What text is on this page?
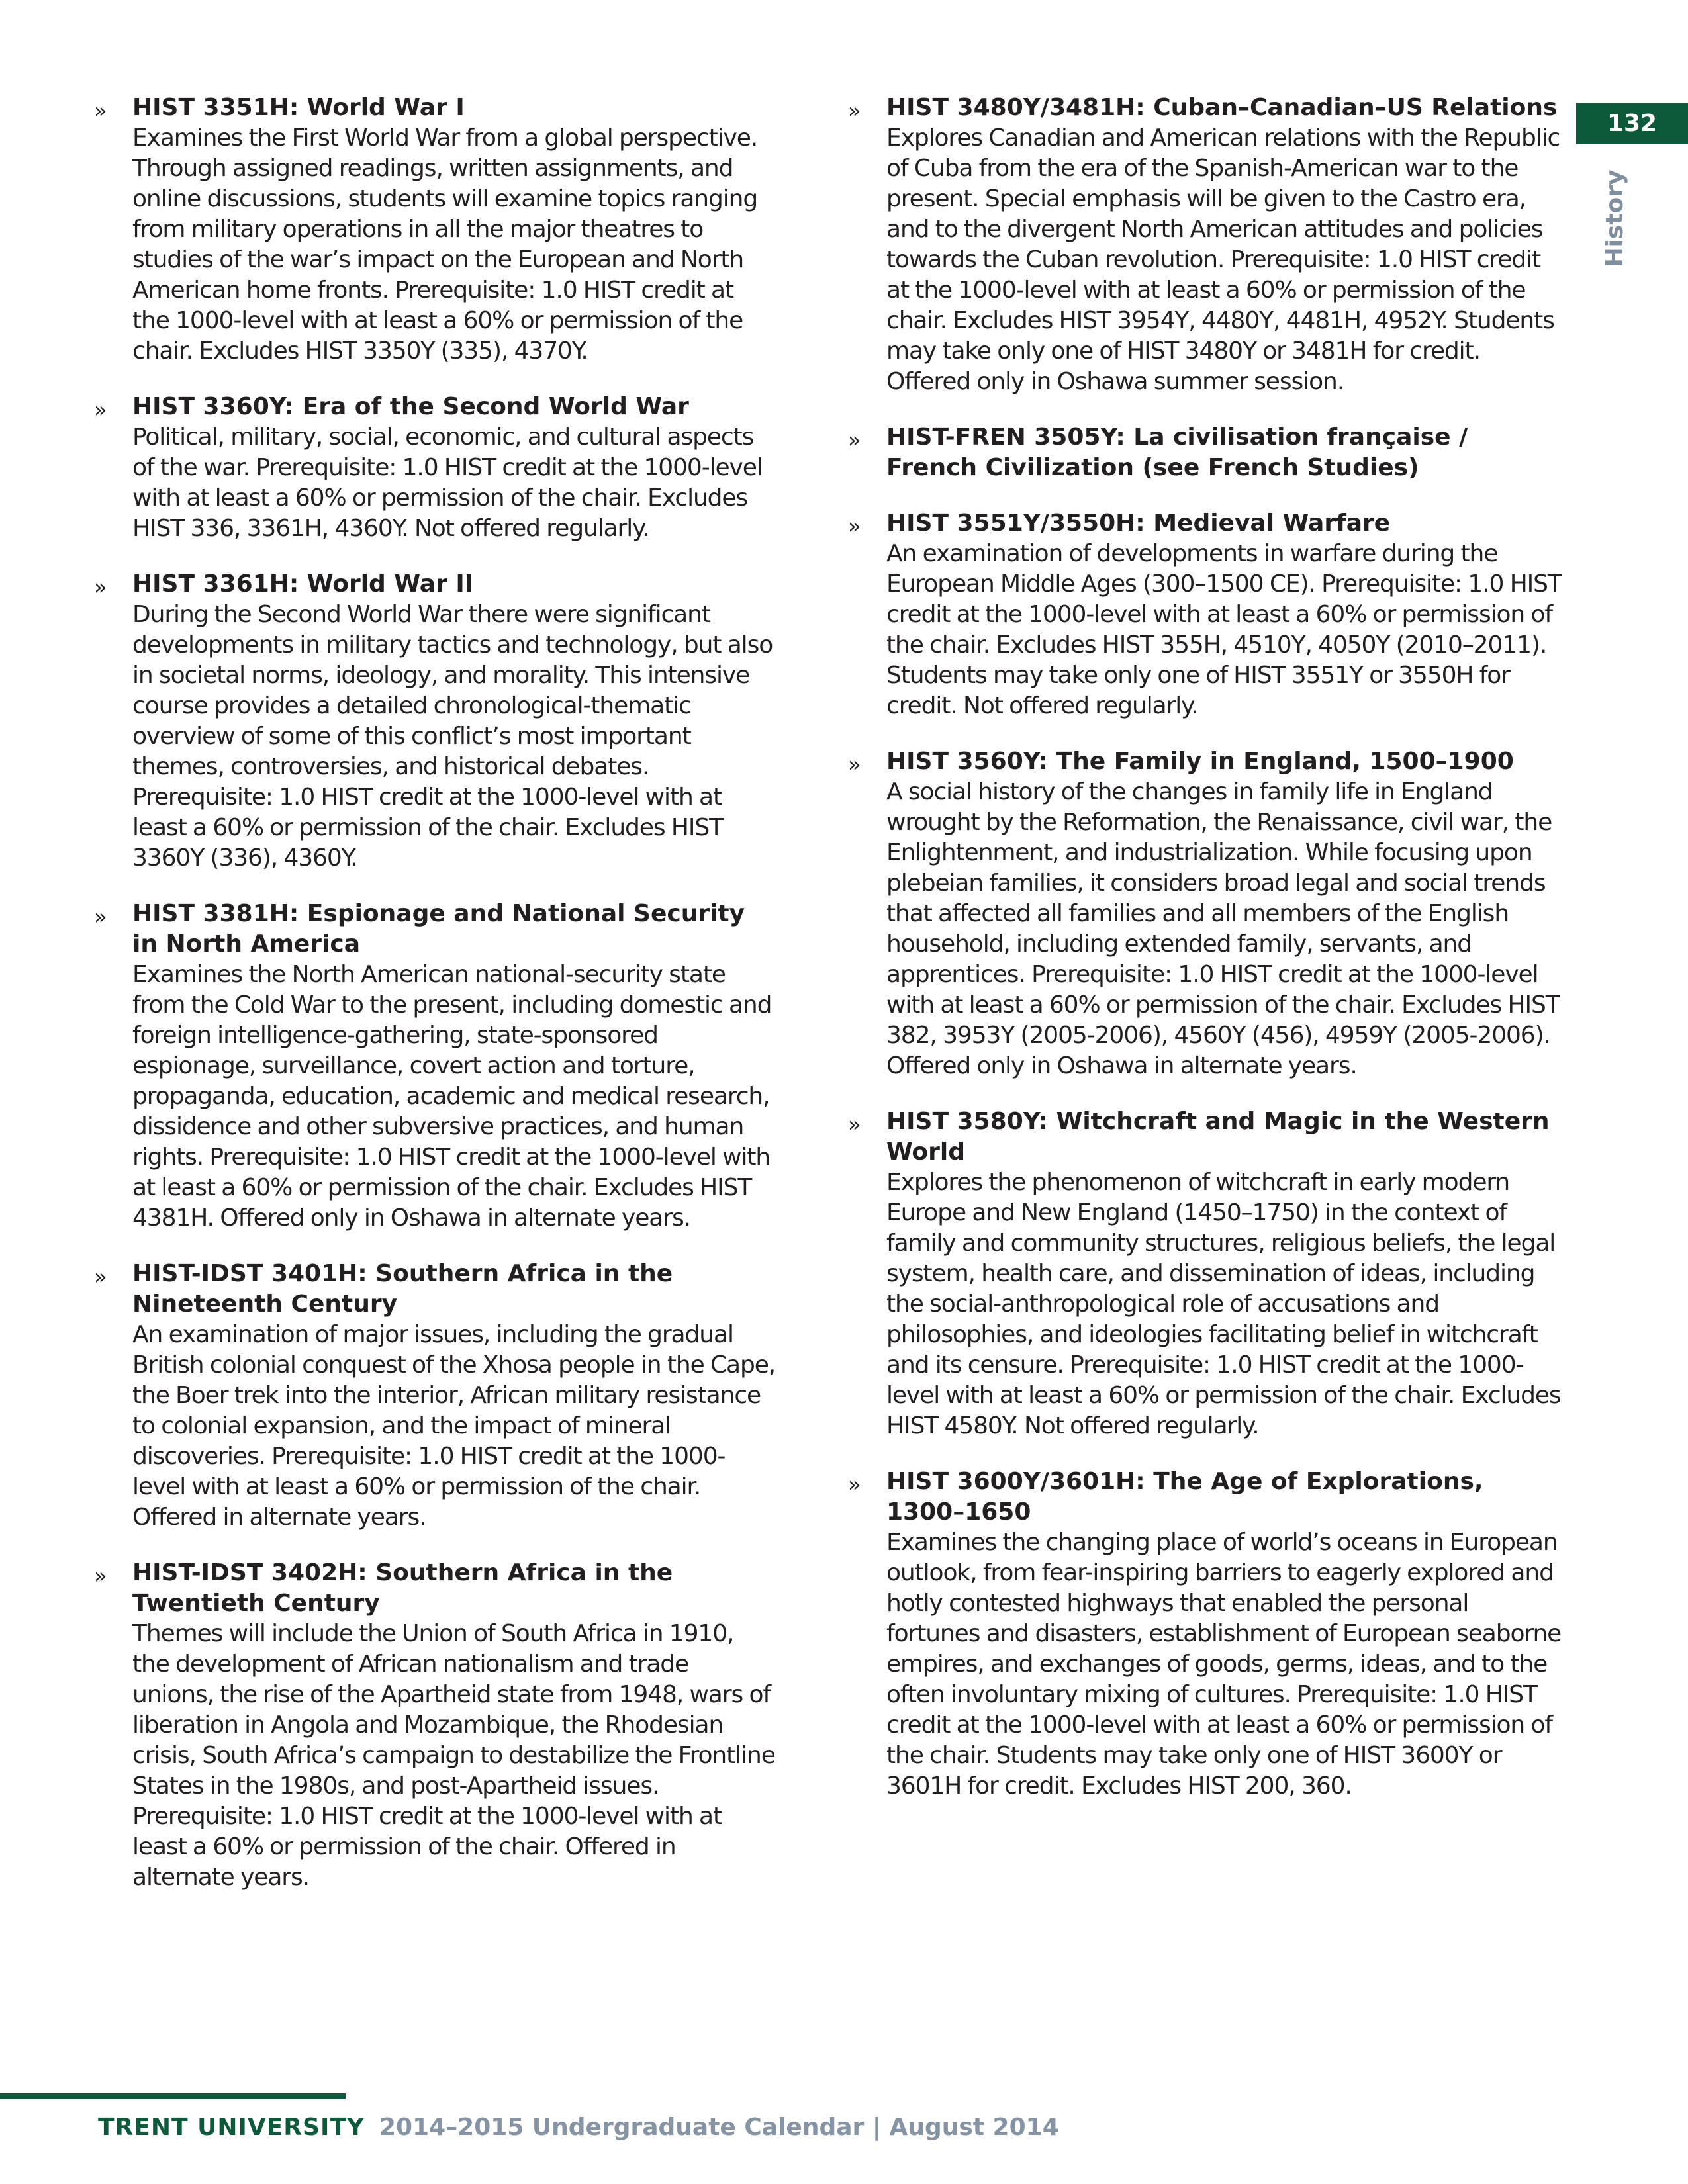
132
History
» HIST 3351H: World War I

Examines the First World War from a global perspective. Through assigned readings, written assignments, and online discussions, students will examine topics ranging from military operations in all the major theatres to studies of the war’s impact on the European and North American home fronts. Prerequisite: 1.0 HIST credit at the 1000-level with at least a 60% or permission of the chair. Excludes HIST 3350Y (335), 4370Y.

» HIST 3360Y: Era of the Second World War

Political, military, social, economic, and cultural aspects of the war. Prerequisite: 1.0 HIST credit at the 1000-level with at least a 60% or permission of the chair. Excludes HIST 336, 3361H, 4360Y. Not offered regularly.

» HIST 3361H: World War II

During the Second World War there were significant developments in military tactics and technology, but also in societal norms, ideology, and morality. This intensive course provides a detailed chronological-thematic overview of some of this conflict’s most important themes, controversies, and historical debates. Prerequisite: 1.0 HIST credit at the 1000-level with at least a 60% or permission of the chair. Excludes HIST 3360Y (336), 4360Y.

» HIST 3381H: Espionage and National Security in North America

Examines the North American national-security state from the Cold War to the present, including domestic and foreign intelligence-gathering, state-sponsored espionage, surveillance, covert action and torture, propaganda, education, academic and medical research, dissidence and other subversive practices, and human rights. Prerequisite: 1.0 HIST credit at the 1000-level with at least a 60% or permission of the chair. Excludes HIST 4381H. Offered only in Oshawa in alternate years.

» HIST-IDST 3401H: Southern Africa in the Nineteenth Century

An examination of major issues, including the gradual British colonial conquest of the Xhosa people in the Cape, the Boer trek into the interior, African military resistance to colonial expansion, and the impact of mineral discoveries. Prerequisite: 1.0 HIST credit at the 1000-level with at least a 60% or permission of the chair. Offered in alternate years.

» HIST-IDST 3402H: Southern Africa in the Twentieth Century

Themes will include the Union of South Africa in 1910, the development of African nationalism and trade unions, the rise of the Apartheid state from 1948, wars of liberation in Angola and Mozambique, the Rhodesian crisis, South Africa’s campaign to destabilize the Frontline States in the 1980s, and post-Apartheid issues. Prerequisite: 1.0 HIST credit at the 1000-level with at least a 60% or permission of the chair. Offered in alternate years.

» HIST 3480Y/3481H: Cuban–Canadian–US Relations

Explores Canadian and American relations with the Republic of Cuba from the era of the Spanish-American war to the present. Special emphasis will be given to the Castro era, and to the divergent North American attitudes and policies towards the Cuban revolution. Prerequisite: 1.0 HIST credit at the 1000-level with at least a 60% or permission of the chair. Excludes HIST 3954Y, 4480Y, 4481H, 4952Y. Students may take only one of HIST 3480Y or 3481H for credit. Offered only in Oshawa summer session.

» HIST-FREN 3505Y: La civilisation française / French Civilization (see French Studies)

» HIST 3551Y/3550H: Medieval Warfare

An examination of developments in warfare during the European Middle Ages (300–1500 CE). Prerequisite: 1.0 HIST credit at the 1000-level with at least a 60% or permission of the chair. Excludes HIST 355H, 4510Y, 4050Y (2010–2011). Students may take only one of HIST 3551Y or 3550H for credit. Not offered regularly.

» HIST 3560Y: The Family in England, 1500–1900

A social history of the changes in family life in England wrought by the Reformation, the Renaissance, civil war, the Enlightenment, and industrialization. While focusing upon plebeian families, it considers broad legal and social trends that affected all families and all members of the English household, including extended family, servants, and apprentices. Prerequisite: 1.0 HIST credit at the 1000-level with at least a 60% or permission of the chair. Excludes HIST 382, 3953Y (2005-2006), 4560Y (456), 4959Y (2005-2006). Offered only in Oshawa in alternate years.

» HIST 3580Y: Witchcraft and Magic in the Western World

Explores the phenomenon of witchcraft in early modern Europe and New England (1450–1750) in the context of family and community structures, religious beliefs, the legal system, health care, and dissemination of ideas, including the social-anthropological role of accusations and philosophies, and ideologies facilitating belief in witchcraft and its censure. Prerequisite: 1.0 HIST credit at the 1000-level with at least a 60% or permission of the chair. Excludes HIST 4580Y. Not offered regularly.

» HIST 3600Y/3601H: The Age of Explorations, 1300–1650

Examines the changing place of world’s oceans in European outlook, from fear-inspiring barriers to eagerly explored and hotly contested highways that enabled the personal fortunes and disasters, establishment of European seaborne empires, and exchanges of goods, germs, ideas, and to the often involuntary mixing of cultures. Prerequisite: 1.0 HIST credit at the 1000-level with at least a 60% or permission of the chair. Students may take only one of HIST 3600Y or 3601H for credit. Excludes HIST 200, 360.

TRENT UNIVERSITY 2014–2015 Undergraduate Calendar | August 2014
